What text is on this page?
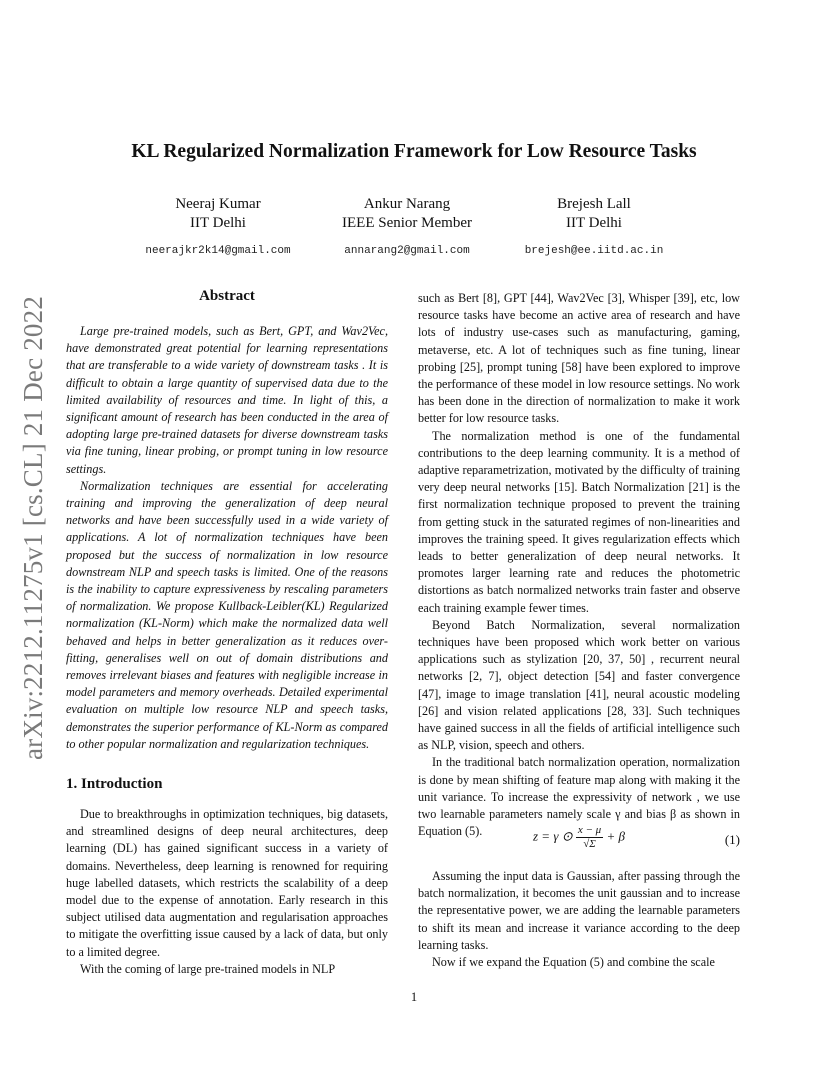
arXiv:2212.11275v1 [cs.CL] 21 Dec 2022
KL Regularized Normalization Framework for Low Resource Tasks
Neeraj Kumar
IIT Delhi
neerajkr2k14@gmail.com
Ankur Narang
IEEE Senior Member
annarang2@gmail.com
Brejesh Lall
IIT Delhi
brejesh@ee.iitd.ac.in
Abstract

Large pre-trained models, such as Bert, GPT, and Wav2Vec, have demonstrated great potential for learning representations that are transferable to a wide variety of downstream tasks . It is difficult to obtain a large quantity of supervised data due to the limited availability of resources and time. In light of this, a significant amount of research has been conducted in the area of adopting large pre-trained datasets for diverse downstream tasks via fine tuning, linear probing, or prompt tuning in low resource settings.

Normalization techniques are essential for accelerating training and improving the generalization of deep neural networks and have been successfully used in a wide variety of applications. A lot of normalization techniques have been proposed but the success of normalization in low resource downstream NLP and speech tasks is limited. One of the reasons is the inability to capture expressiveness by rescaling parameters of normalization. We propose Kullback-Leibler(KL) Regularized normalization (KL-Norm) which make the normalized data well behaved and helps in better generalization as it reduces over-fitting, generalises well on out of domain distributions and removes irrelevant biases and features with negligible increase in model parameters and memory overheads. Detailed experimental evaluation on multiple low resource NLP and speech tasks, demonstrates the superior performance of KL-Norm as compared to other popular normalization and regularization techniques.

1. Introduction

Due to breakthroughs in optimization techniques, big datasets, and streamlined designs of deep neural architectures, deep learning (DL) has gained significant success in a variety of domains. Nevertheless, deep learning is renowned for requiring huge labelled datasets, which restricts the scalability of a deep model due to the expense of annotation. Early research in this subject utilised data augmentation and regularisation approaches to mitigate the overfitting issue caused by a lack of data, but only to a limited degree.

With the coming of large pre-trained models in NLP

such as Bert [8], GPT [44], Wav2Vec [3], Whisper [39], etc, low resource tasks have become an active area of research and have lots of industry use-cases such as manufacturing, gaming, metaverse, etc. A lot of techniques such as fine tuning, linear probing [25], prompt tuning [58] have been explored to improve the performance of these model in low resource settings. No work has been done in the direction of normalization to make it work better for low resource tasks.

The normalization method is one of the fundamental contributions to the deep learning community. It is a method of adaptive reparametrization, motivated by the difficulty of training very deep neural networks [15]. Batch Normalization [21] is the first normalization technique proposed to prevent the training from getting stuck in the saturated regimes of non-linearities and improves the training speed. It gives regularization effects which leads to better generalization of deep neural networks. It promotes larger learning rate and reduces the photometric distortions as batch normalized networks train faster and observe each training example fewer times.

Beyond Batch Normalization, several normalization techniques have been proposed which work better on various applications such as stylization [20, 37, 50] , recurrent neural networks [2, 7], object detection [54] and faster convergence [47], image to image translation [41], neural acoustic modeling [26] and vision related applications [28, 33]. Such techniques have gained success in all the fields of artificial intelligence such as NLP, vision, speech and others.

In the traditional batch normalization operation, normalization is done by mean shifting of feature map along with making it the unit variance. To increase the expressivity of network , we use two learnable parameters namely scale γ and bias β as shown in Equation (5).	z = γ ⊙ $\frac{x - \mu}{√\Sigma} + \beta$	(1)

Assuming the input data is Gaussian, after passing through the batch normalization, it becomes the unit gaussian and to increase the representative power, we are adding the learnable parameters to shift its mean and increase it variance according to the deep learning tasks.

Now if we expand the Equation (5) and combine the scale

1
